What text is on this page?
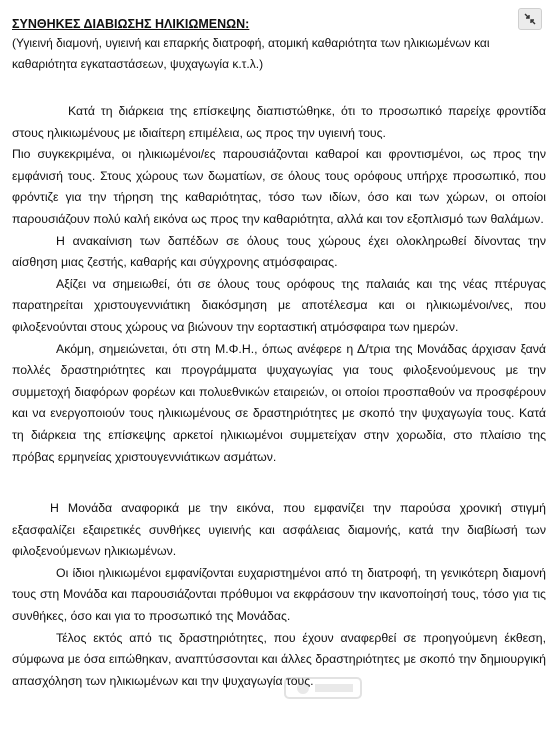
ΣΥΝΘΗΚΕΣ ΔΙΑΒΙΩΣΗΣ ΗΛΙΚΙΩΜΕΝΩΝ:

(Υγιεινή διαμονή, υγιεινή και επαρκής διατροφή, ατομική καθαριότητα των ηλικιωμένων και καθαριότητα εγκαταστάσεων, ψυχαγωγία κ.τ.λ.)

Κατά τη διάρκεια της επίσκεψης διαπιστώθηκε, ότι το προσωπικό παρείχε φροντίδα στους ηλικιωμένους με ιδιαίτερη επιμέλεια, ως προς την υγιεινή τους.

Πιο συγκεκριμένα, οι ηλικιωμένοι/ες παρουσιάζονται καθαροί και φροντισμένοι, ως προς την εμφάνισή τους. Στους χώρους των δωματίων, σε όλους τους ορόφους υπήρχε προσωπικό, που φρόντιζε για την τήρηση της καθαριότητας, τόσο των ιδίων, όσο και των χώρων, οι οποίοι παρουσιάζουν πολύ καλή εικόνα ως προς την καθαριότητα, αλλά και τον εξοπλισμό των θαλάμων.

Η ανακαίνιση των δαπέδων σε όλους τους χώρους έχει ολοκληρωθεί δίνοντας την αίσθηση μιας ζεστής, καθαρής και σύγχρονης ατμόσφαιρας.

Αξίζει να σημειωθεί, ότι σε όλους τους ορόφους της παλαιάς και της νέας πτέρυγας παρατηρείται χριστουγεννιάτικη διακόσμηση με αποτέλεσμα και οι ηλικιωμένοι/νες, που φιλοξενούνται στους χώρους να βιώνουν την εορταστική ατμόσφαιρα των ημερών.

Ακόμη, σημειώνεται, ότι στη Μ.Φ.Η., όπως ανέφερε η Δ/τρια της Μονάδας άρχισαν ξανά πολλές δραστηριότητες και προγράμματα ψυχαγωγίας για τους φιλοξενούμενους με την συμμετοχή διαφόρων φορέων και πολυεθνικών εταιρειών, οι οποίοι προσπαθούν να προσφέρουν και να ενεργοποιούν τους ηλικιωμένους σε δραστηριότητες με σκοπό την ψυχαγωγία τους. Κατά τη διάρκεια της επίσκεψης αρκετοί ηλικιωμένοι συμμετείχαν στην χορωδία, στο πλαίσιο της πρόβας ερμηνείας χριστουγεννιάτικων ασμάτων.

Η Μονάδα αναφορικά με την εικόνα, που εμφανίζει την παρούσα χρονική στιγμή εξασφαλίζει εξαιρετικές συνθήκες υγιεινής και ασφάλειας διαμονής, κατά την διαβίωσή των φιλοξενούμενων ηλικιωμένων.

Οι ίδιοι ηλικιωμένοι εμφανίζονται ευχαριστημένοι από τη διατροφή, τη γενικότερη διαμονή τους στη Μονάδα και παρουσιάζονται πρόθυμοι να εκφράσουν την ικανοποίησή τους, τόσο για τις συνθήκες, όσο και για το προσωπικό της Μονάδας.

Τέλος εκτός από τις δραστηριότητες, που έχουν αναφερθεί σε προηγούμενη έκθεση, σύμφωνα με όσα ειπώθηκαν, αναπτύσσονται και άλλες δραστηριότητες με σκοπό την δημιουργική απασχόληση των ηλικιωμένων και την ψυχαγωγία τους.
